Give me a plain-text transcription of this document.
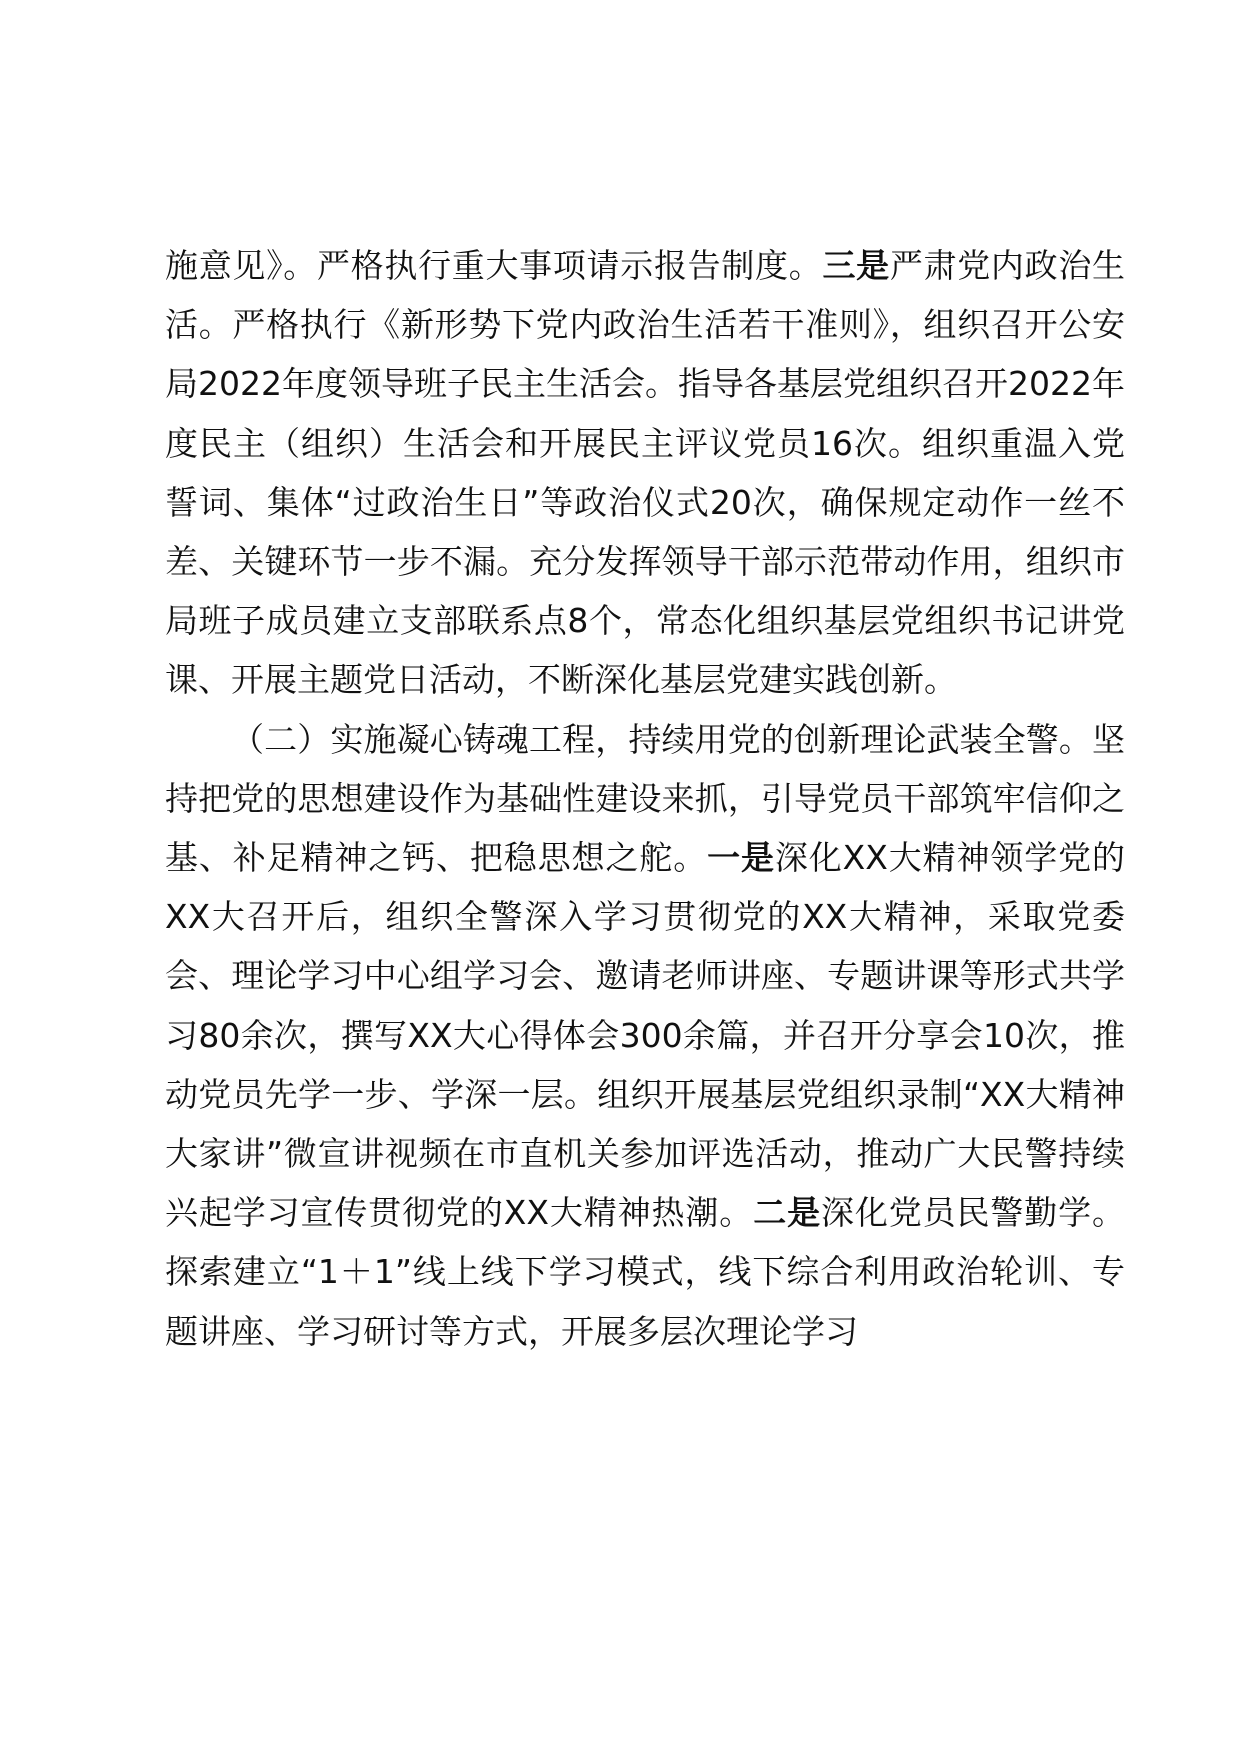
施意见》。严格执行重大事项请示报告制度。三是严肃党内政治生活。严格执行《新形势下党内政治生活若干准则》，组织召开公安局2022年度领导班子民主生活会。指导各基层党组织召开2022年度民主（组织）生活会和开展民主评议党员16次。组织重温入党誓词、集体“过政治生日”等政治仪式20次，确保规定动作一丝不差、关键环节一步不漏。充分发挥领导干部示范带动作用，组织市局班子成员建立支部联系点8个，常态化组织基层党组织书记讲党课、开展主题党日活动，不断深化基层党建实践创新。

（二）实施凝心铸魂工程，持续用党的创新理论武装全警。坚持把党的思想建设作为基础性建设来抓，引导党员干部筑牢信仰之基、补足精神之钙、把稳思想之舵。一是深化XX大精神领学党的XX大召开后，组织全警深入学习贯彻党的XX大精神，采取党委会、理论学习中心组学习会、邀请老师讲座、专题讲课等形式共学习80余次，撰写XX大心得体会300余篇，并召开分享会10次，推动党员先学一步、学深一层。组织开展基层党组织录制“XX大精神大家讲”微宣讲视频在市直机关参加评选活动，推动广大民警持续兴起学习宣传贯彻党的XX大精神热潮。二是深化党员民警勤学。探索建立“1＋1”线上线下学习模式，线下综合利用政治轮训、专题讲座、学习研讨等方式，开展多层次理论学习
